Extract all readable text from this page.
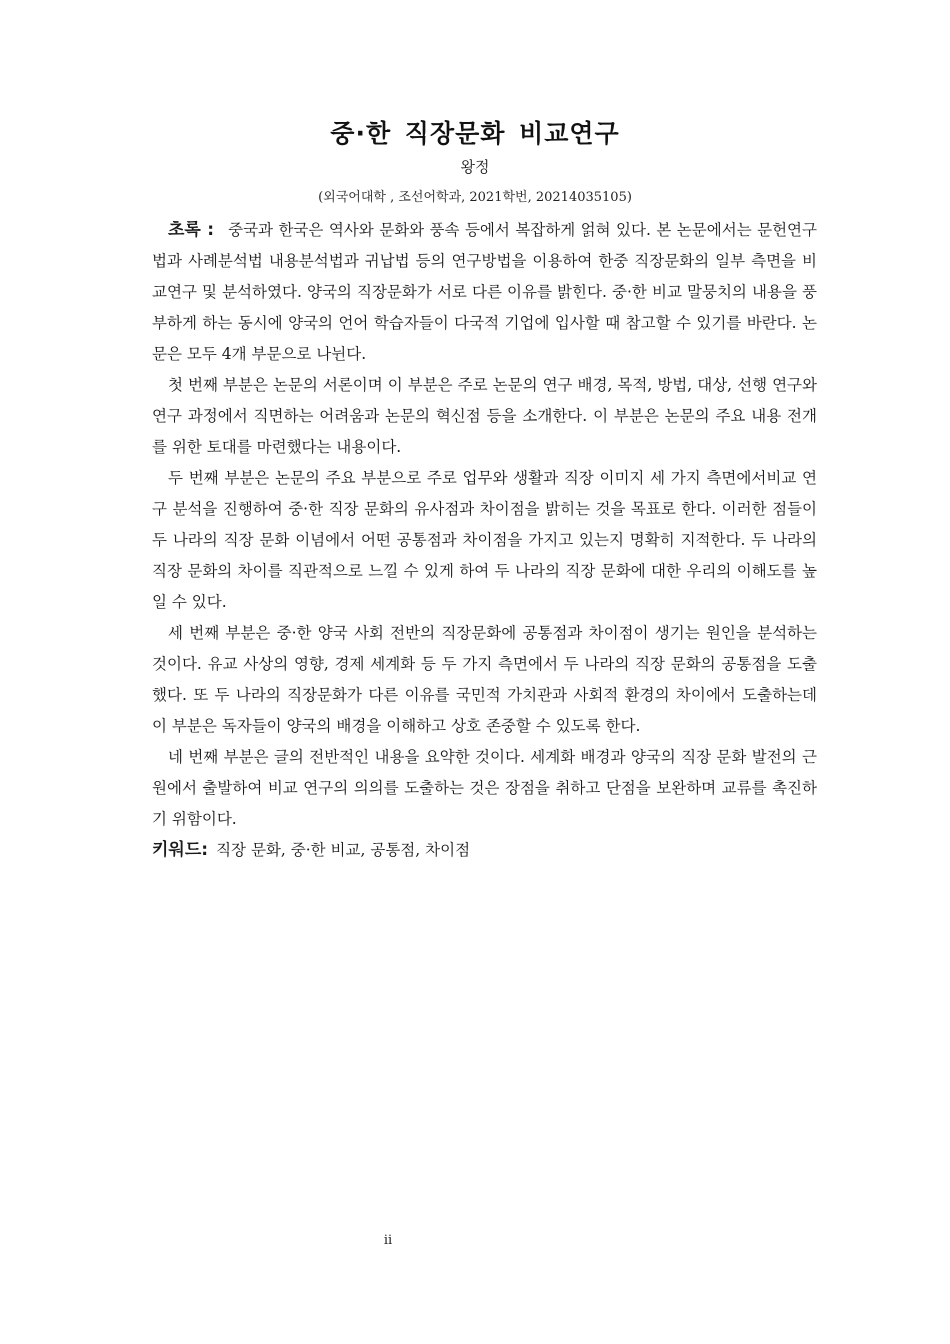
중·한 직장문화 비교연구
왕정
(외국어대학 , 조선어학과, 2021학번, 20214035105)

초록 : 중국과 한국은 역사와 문화와 풍속 등에서 복잡하게 얽혀 있다. 본 논문에서는 문헌연구법과 사례분석법 내용분석법과 귀납법 등의 연구방법을 이용하여 한중 직장문화의 일부 측면을 비교연구 및 분석하였다. 양국의 직장문화가 서로 다른 이유를 밝힌다. 중·한 비교 말뭉치의 내용을 풍부하게 하는 동시에 양국의 언어 학습자들이 다국적 기업에 입사할 때 참고할 수 있기를 바란다. 논문은 모두 4개 부문으로 나뉜다.

첫 번째 부분은 논문의 서론이며 이 부분은 주로 논문의 연구 배경, 목적, 방법, 대상, 선행 연구와 연구 과정에서 직면하는 어려움과 논문의 혁신점 등을 소개한다. 이 부분은 논문의 주요 내용 전개를 위한 토대를 마련했다는 내용이다.

두 번째 부분은 논문의 주요 부분으로 주로 업무와 생활과 직장 이미지 세 가지 측면에서비교 연구 분석을 진행하여 중·한 직장 문화의 유사점과 차이점을 밝히는 것을 목표로 한다. 이러한 점들이 두 나라의 직장 문화 이념에서 어떤 공통점과 차이점을 가지고 있는지 명확히 지적한다. 두 나라의 직장 문화의 차이를 직관적으로 느낄 수 있게 하여 두 나라의 직장 문화에 대한 우리의 이해도를 높일 수 있다.

세 번째 부분은 중·한 양국 사회 전반의 직장문화에 공통점과 차이점이 생기는 원인을 분석하는 것이다. 유교 사상의 영향, 경제 세계화 등 두 가지 측면에서 두 나라의 직장 문화의 공통점을 도출했다. 또 두 나라의 직장문화가 다른 이유를 국민적 가치관과 사회적 환경의 차이에서 도출하는데 이 부분은 독자들이 양국의 배경을 이해하고 상호 존중할 수 있도록 한다.

네 번째 부분은 글의 전반적인 내용을 요약한 것이다. 세계화 배경과 양국의 직장 문화 발전의 근원에서 출발하여 비교 연구의 의의를 도출하는 것은 장점을 취하고 단점을 보완하며 교류를 촉진하기 위함이다.

키워드: 직장 문화, 중·한 비교, 공통점, 차이점

ii
